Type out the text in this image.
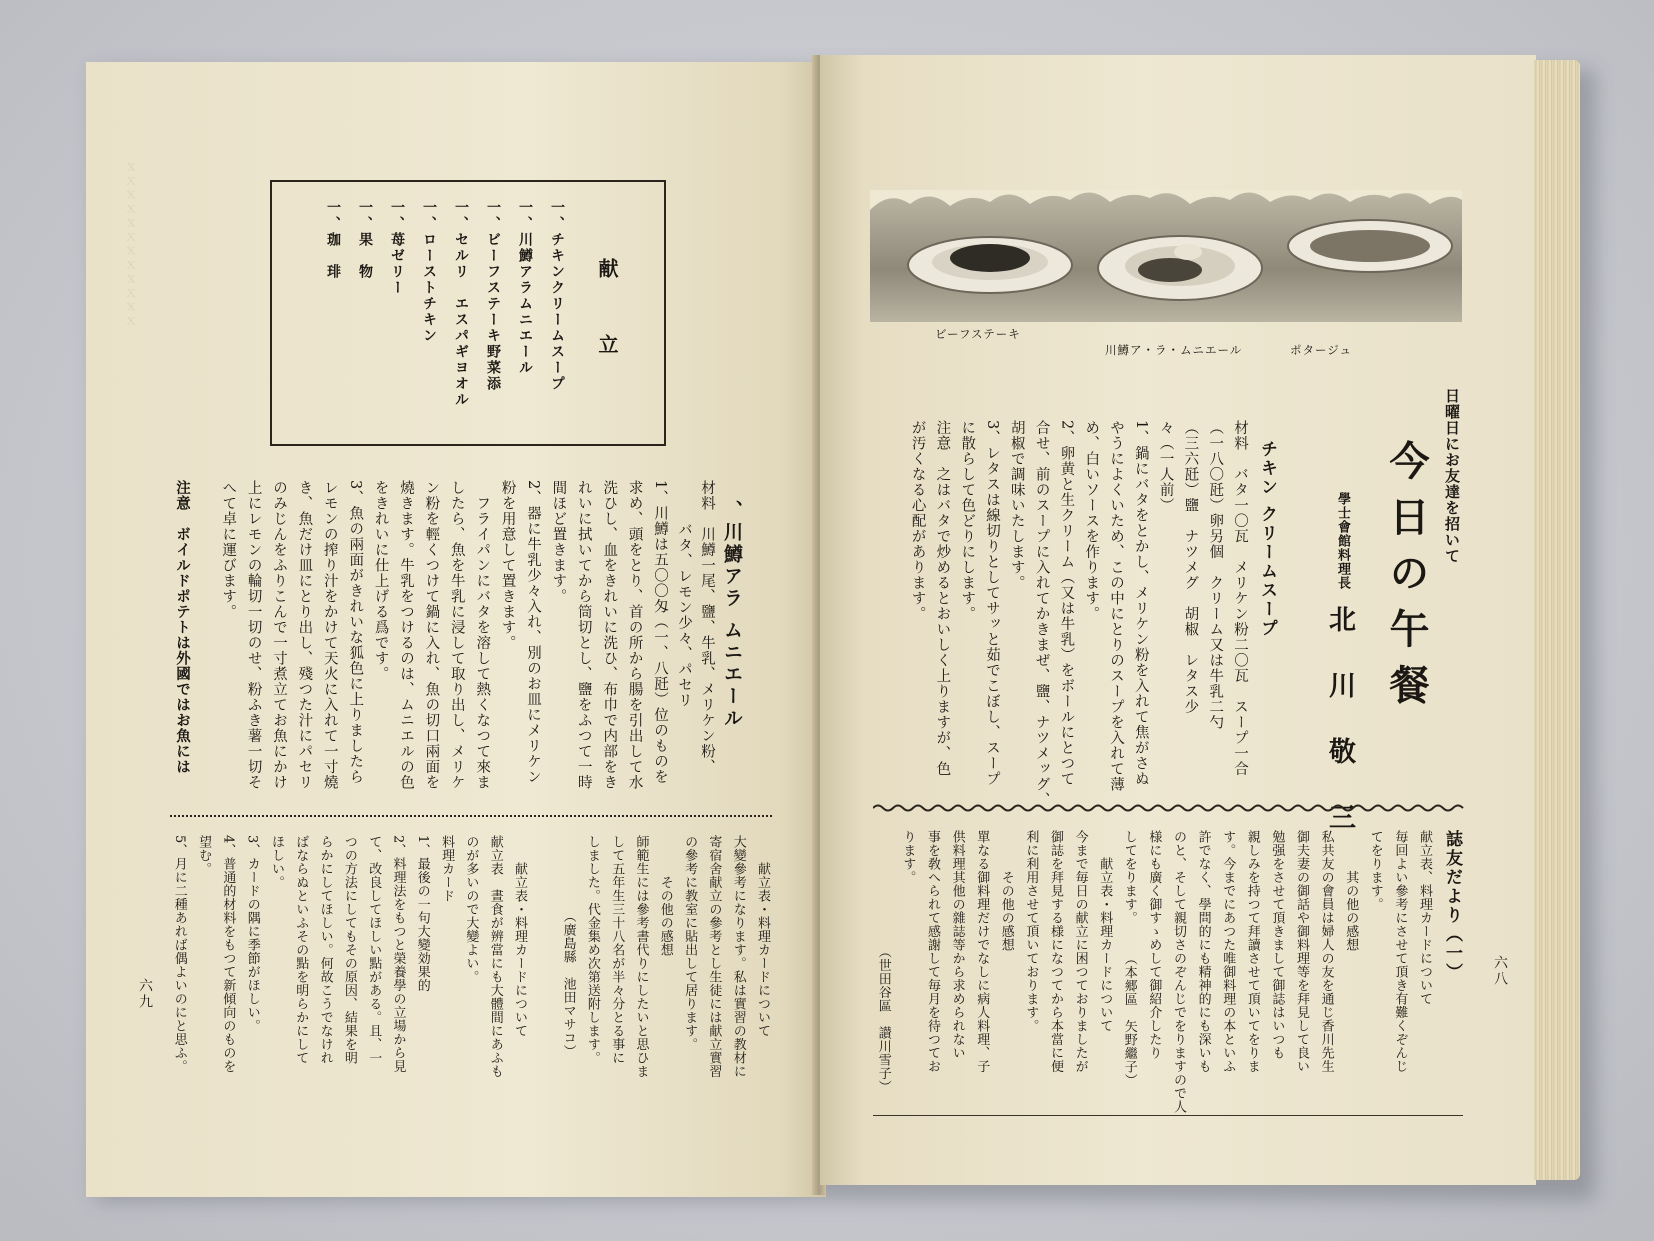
ｘｘｘｘｘｘｘｘｘｘｘｘ	献　立
一、チキンクリームスープ
一、川鱒アラムニエール
一、ビーフステーキ野菜添
一、セルリ　エスパギヨオル
一、ローストチキン
一、苺ゼリー
一、果　物
一、珈　琲
、川鱒アラ ムニエール
材料　川鱒一尾、鹽、牛乳、メリケン粉、
バタ、レモン少々、パセリ
1、川鱒は五〇〇匁（一、八瓩）位のものを
求め、頭をとり、首の所から腸を引出して水
洗ひし、血をきれいに洗ひ、布巾で内部をき
れいに拭いてから筒切とし、鹽をふつて一時
間ほど置きます。
2、器に牛乳少々入れ、別のお皿にメリケン
粉を用意して置きます。
　フライパンにバタを溶して熱くなつて來ま
したら、魚を牛乳に浸して取り出し、メリケ
ン粉を輕くつけて鍋に入れ、魚の切口兩面を
燒きます。牛乳をつけるのは、ムニエルの色
をきれいに仕上げる爲です。
3、魚の兩面がきれいな狐色に上りましたら
レモンの搾り汁をかけて天火に入れて一寸燒
き、魚だけ皿にとり出し、殘つた汁にパセリ
のみじんをふりこんで一寸煮立てお魚にかけ
上にレモンの輪切一切のせ、粉ふき薯一切そ
へて卓に運びます。
注意　ボイルドポテトは外國ではお魚には
　　献立表・料理カードについて
大變參考になります。私は實習の教材に
寄宿舍献立の參考とし生徒には献立實習
の參考に教室に貼出して居ります。
　　　その他の感想
師範生には參考書代りにしたいと思ひま
して五年生三十八名が半々分とる事に
しました。代金集め次第送附します。
　　　　　　（廣島縣　池田マサコ）
　　献立表・料理カードについて
献立表　晝食が辨當にも大體間にあふも
のが多いので大變よい。
料理カード
1、最後の一句大變効果的
2、料理法をもつと榮養學の立場から見
て、改良してほしい點がある。且、一
つの方法にしてもその原因、結果を明
らかにしてほしい。何故こうでなけれ
ばならぬといふその點を明らかにして
ほしい。
3、カードの隅に季節がほしい。
4、普通的材料をもつて新傾向のものを
望む。
5、月に二種あれば偶よいのにと思ふ。
六九
ポタージュ
川鱒ア・ラ・ムニエール
ビーフステーキ
日曜日にお友達を招いて
今日の午餐
學士會館料理長
北　川　敬　三
チキン クリームスープ
材料　バタ一〇瓦　メリケン粉二〇瓦　スープ一合
（一八〇瓩）卵另個　クリーム又は牛乳二勺
（三六瓩）鹽　ナツメグ　胡椒　レタス少
々（一人前）
1、鍋にバタをとかし、メリケン粉を入れて焦がさぬ
やうによくいため、この中にとりのスープを入れて薄
め、白いソースを作ります。
2、卵黄と生クリーム（又は牛乳）をボールにとつて
合せ、前のスープに入れてかきまぜ、鹽、ナツメッグ、
胡椒で調味いたします。
3、レタスは線切りとしてサッと茹でこぼし、スープ
に散らして色どりにします。
注意　之はバタで炒めるとおいしく上りますが、色
が汚くなる心配があります。
誌友だより（一）
献立表、料理カードについて
毎回よい參考にさせて頂き有難くぞんじ
てをります。
　　　其の他の感想
私共友の會員は婦人の友を通じ香川先生
御夫妻の御話や御料理等を拜見して良い
勉强をさせて頂きまして御誌はいつも
親しみを持つて拜讀させて頂いてをりま
す。今までにあつた唯御料理の本といふ
許でなく、學問的にも精神的にも深いも
のと、そして親切さのぞんじでをりますので人
様にも廣く御すゝめして御紹介したり
してをります。　　　（本郷區　矢野繼子）
　　献立表・料理カードについて
今まで毎日の献立に困つておりましたが
御誌を拜見する様になつてから本當に便
利に利用させて頂いております。
　　　その他の感想
單なる御料理だけでなしに病人料理、子
供料理其他の雜誌等から求められない
事を敎へられて感謝して毎月を待つてお
ります。
　　　　　　　　　（世田谷區　讃川雪子）	六八
